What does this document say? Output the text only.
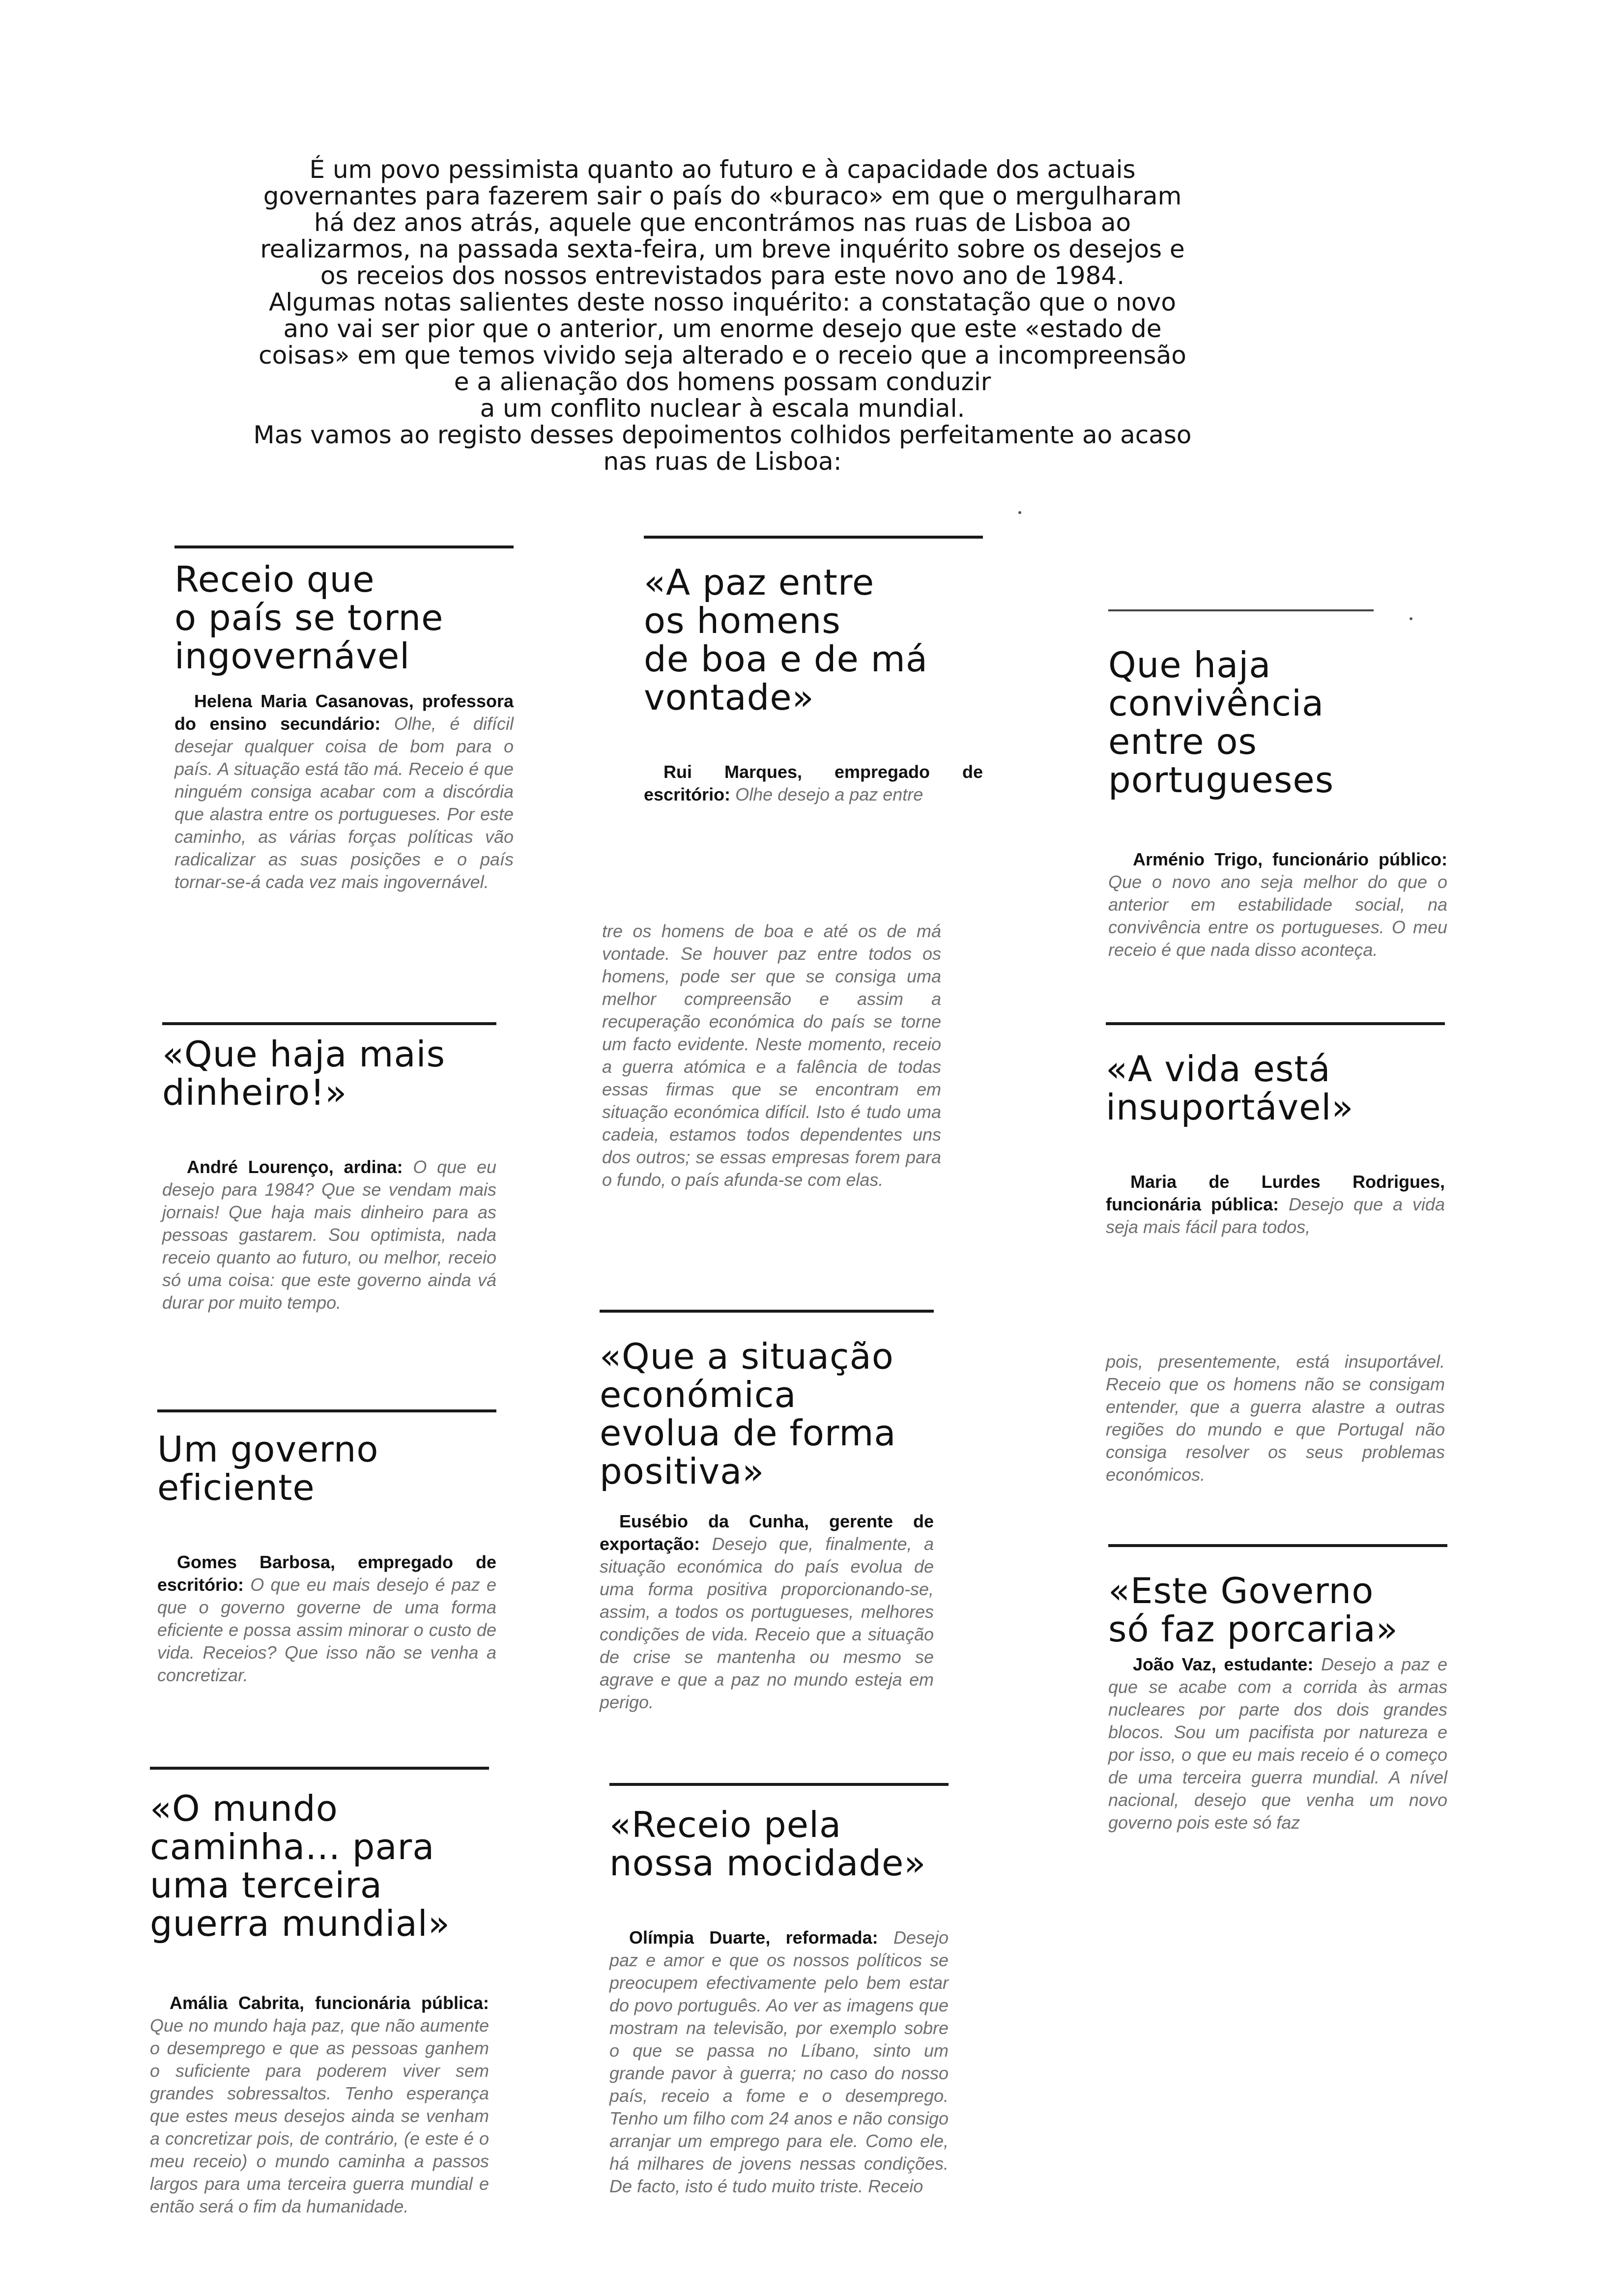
É um povo pessimista quanto ao futuro e à capacidade dos actuais

governantes para fazerem sair o país do «buraco» em que o mergulharam

há dez anos atrás, aquele que encontrámos nas ruas de Lisboa ao

realizarmos, na passada sexta-feira, um breve inquérito sobre os desejos e

os receios dos nossos entrevistados para este novo ano de 1984.

Algumas notas salientes deste nosso inquérito: a constatação que o novo

ano vai ser pior que o anterior, um enorme desejo que este «estado de

coisas» em que temos vivido seja alterado e o receio que a incompreensão

e a alienação dos homens possam conduzir

a um conflito nuclear à escala mundial.

Mas vamos ao registo desses depoimentos colhidos perfeitamente ao acaso

nas ruas de Lisboa:

Receio que
o país se torne
ingovernável

Helena Maria Casanovas, professora do ensino secundário: Olhe, é difícil desejar qualquer coisa de bom para o país. A situação está tão má. Receio é que ninguém consiga acabar com a discórdia que alastra entre os portugueses. Por este caminho, as várias forças políticas vão radicalizar as suas posições e o país tornar-se-á cada vez mais ingovernável.

«Que haja mais
dinheiro!»

André Lourenço, ardina: O que eu desejo para 1984? Que se vendam mais jornais! Que haja mais dinheiro para as pessoas gastarem. Sou optimista, nada receio quanto ao futuro, ou melhor, receio só uma coisa: que este governo ainda vá durar por muito tempo.

Um governo
eficiente

Gomes Barbosa, empregado de escritório: O que eu mais desejo é paz e que o governo governe de uma forma eficiente e possa assim minorar o custo de vida. Receios? Que isso não se venha a concretizar.

«O mundo
caminha... para
uma terceira
guerra mundial»

Amália Cabrita, funcionária pública: Que no mundo haja paz, que não aumente o desemprego e que as pessoas ganhem o suficiente para poderem viver sem grandes sobressaltos. Tenho esperança que estes meus desejos ainda se venham a concretizar pois, de contrário, (e este é o meu receio) o mundo caminha a passos largos para uma terceira guerra mundial e então será o fim da humanidade.

«A paz entre
os homens
de boa e de má
vontade»

Rui Marques, empregado de escritório: Olhe desejo a paz entre

tre os homens de boa e até os de má vontade. Se houver paz entre todos os homens, pode ser que se consiga uma melhor compreensão e assim a recuperação económica do país se torne um facto evidente. Neste momento, receio a guerra atómica e a falência de todas essas firmas que se encontram em situação económica difícil. Isto é tudo uma cadeia, estamos todos dependentes uns dos outros; se essas empresas forem para o fundo, o país afunda-se com elas.

«Que a situação
económica
evolua de forma
positiva»

Eusébio da Cunha, gerente de exportação: Desejo que, finalmente, a situação económica do país evolua de uma forma positiva proporcionando-se, assim, a todos os portugueses, melhores condições de vida. Receio que a situação de crise se mantenha ou mesmo se agrave e que a paz no mundo esteja em perigo.

«Receio pela
nossa mocidade»

Olímpia Duarte, reformada: Desejo paz e amor e que os nossos políticos se preocupem efectivamente pelo bem estar do povo português. Ao ver as imagens que mostram na televisão, por exemplo sobre o que se passa no Líbano, sinto um grande pavor à guerra; no caso do nosso país, receio a fome e o desemprego. Tenho um filho com 24 anos e não consigo arranjar um emprego para ele. Como ele, há milhares de jovens nessas condições. De facto, isto é tudo muito triste. Receio

Que haja
convivência
entre os
portugueses

Arménio Trigo, funcionário público: Que o novo ano seja melhor do que o anterior em estabilidade social, na convivência entre os portugueses. O meu receio é que nada disso aconteça.

«A vida está
insuportável»

Maria de Lurdes Rodrigues, funcionária pública: Desejo que a vida seja mais fácil para todos,

pois, presentemente, está insuportável. Receio que os homens não se consigam entender, que a guerra alastre a outras regiões do mundo e que Portugal não consiga resolver os seus problemas económicos.

«Este Governo
só faz porcaria»

João Vaz, estudante: Desejo a paz e que se acabe com a corrida às armas nucleares por parte dos dois grandes blocos. Sou um pacifista por natureza e por isso, o que eu mais receio é o começo de uma terceira guerra mundial. A nível nacional, desejo que venha um novo governo pois este só faz
